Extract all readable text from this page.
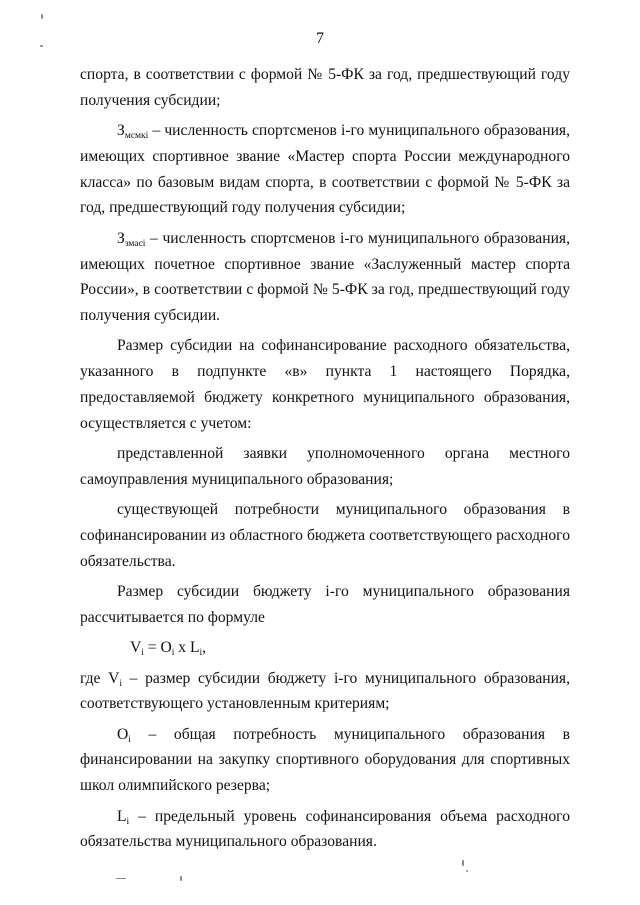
7

спорта, в соответствии с формой № 5-ФК за год, предшествующий году получения субсидии;

$З_{мсмкi}$ – численность спортсменов i-го муниципального образования, имеющих спортивное звание «Мастер спорта России международного класса» по базовым видам спорта, в соответствии с формой № 5-ФК за год, предшествующий году получения субсидии;

$З_{змасi}$ – численность спортсменов i-го муниципального образования, имеющих почетное спортивное звание «Заслуженный мастер спорта России», в соответствии с формой № 5-ФК за год, предшествующий году получения субсидии.

Размер субсидии на софинансирование расходного обязательства, указанного в подпункте «в» пункта 1 настоящего Порядка, предоставляемой бюджету конкретного муниципального образования, осуществляется с учетом:

представленной заявки уполномоченного органа местного самоуправления муниципального образования;

существующей потребности муниципального образования в софинансировании из областного бюджета соответствующего расходного обязательства.

Размер субсидии бюджету i-го муниципального образования рассчитывается по формуле

$V_i = O_i$ x $L_i$,

где $V_i$ – размер субсидии бюджету i-го муниципального образования, соответствующего установленным критериям;

$O_i$ – общая потребность муниципального образования в финансировании на закупку спортивного оборудования для спортивных школ олимпийского резерва;

$L_i$ – предельный уровень софинансирования объема расходного обязательства муниципального образования.
